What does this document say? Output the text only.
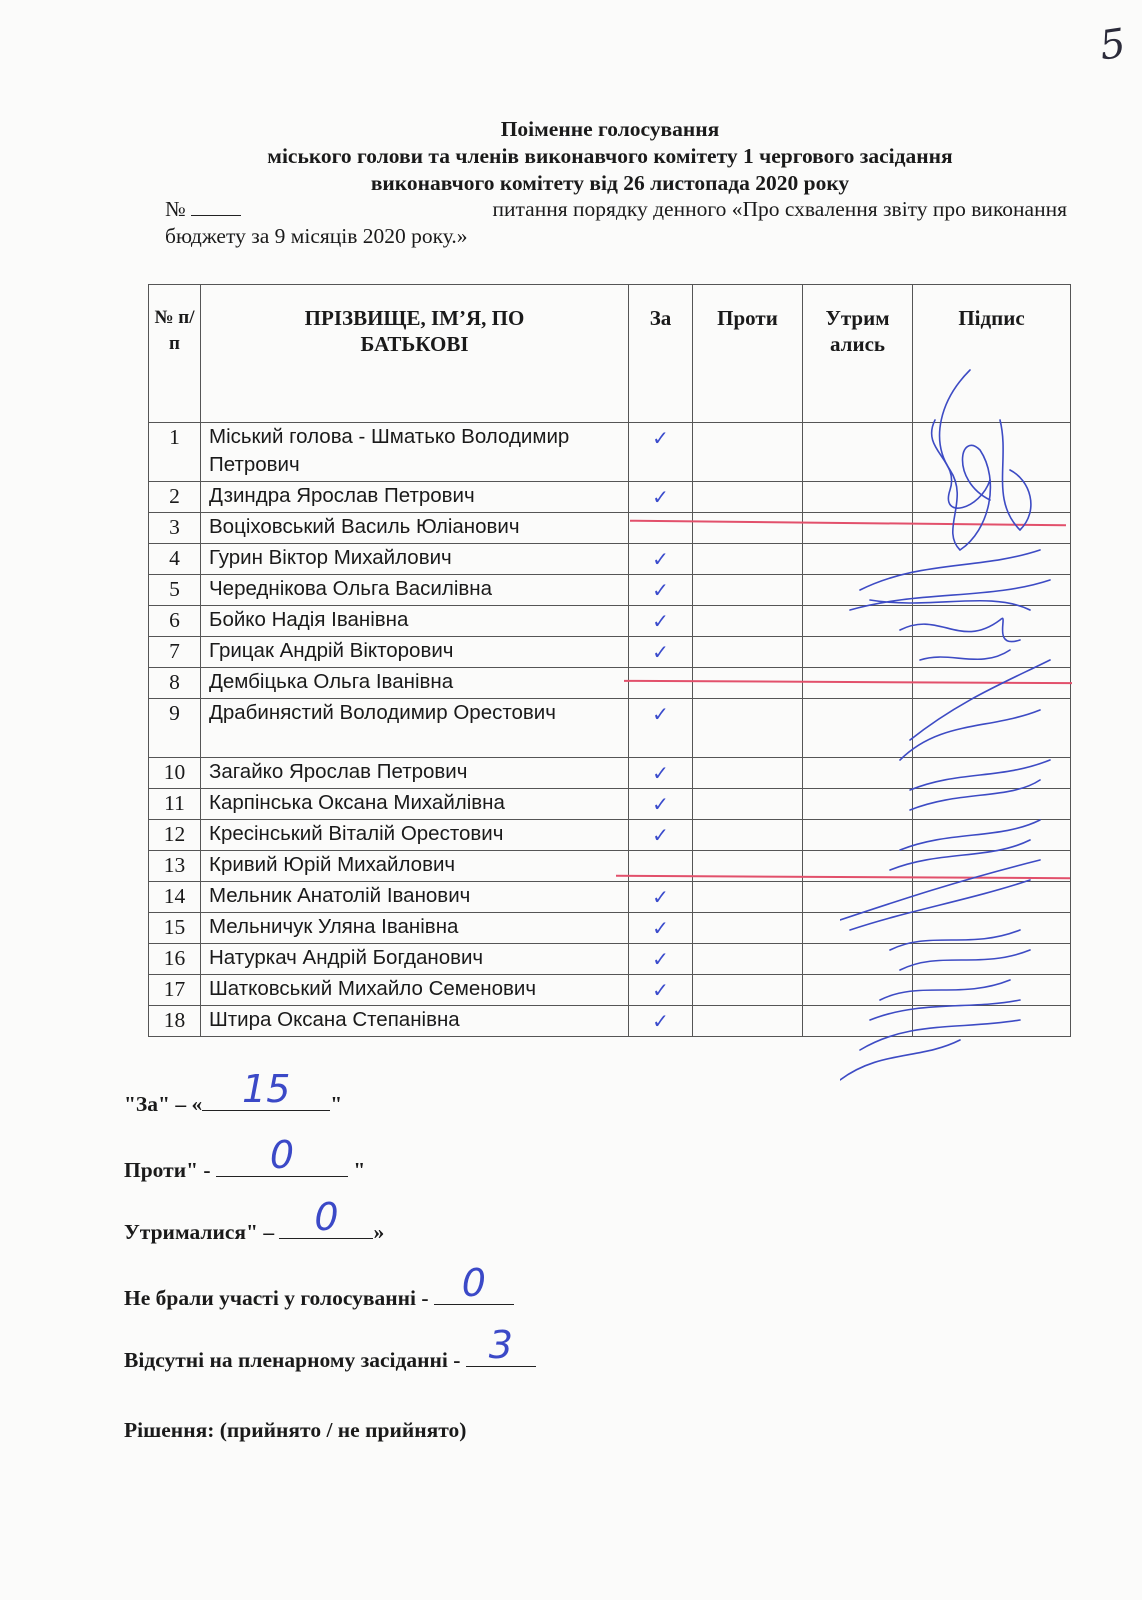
5
Поіменне голосування
міського голови та членів виконавчого комітету 1 чергового засідання
виконавчого комітету від 26 листопада 2020 року
№	питання порядку денного «Про схвалення звіту про виконання
бюджету за 9 місяців 2020 року.»
№ п/п	ПРІЗВИЩЕ, ІМ’Я, ПО БАТЬКОВІ	За	Проти	Утрим ались	Підпис
1	Міський голова - Шматько Володимир Петрович	✓			
2	Дзиндра Ярослав Петрович	✓			
3	Воціховський Василь Юліанович				
4	Гурин Віктор Михайлович	✓			
5	Череднікова Ольга Василівна	✓			
6	Бойко Надія Іванівна	✓			
7	Грицак Андрій Вікторович	✓			
8	Дембіцька Ольга Іванівна				
9	Драбинястий Володимир Орестович	✓			
10	Загайко Ярослав Петрович	✓			
11	Карпінська Оксана Михайлівна	✓			
12	Кресінський Віталій Орестович	✓			
13	Кривий Юрій Михайлович				
14	Мельник Анатолій Іванович	✓			
15	Мельничук Уляна Іванівна	✓			
16	Натуркач Андрій Богданович	✓			
17	Шатковський Михайло Семенович	✓			
18	Штира Оксана Степанівна	✓			
"За" – «	15	"
Проти" -	0	"
Утрималися" –	0	»
Не брали участі у голосуванні - 0
Відсутні на пленарному засіданні - 3
Рішення: (прийнято / не прийнято)
